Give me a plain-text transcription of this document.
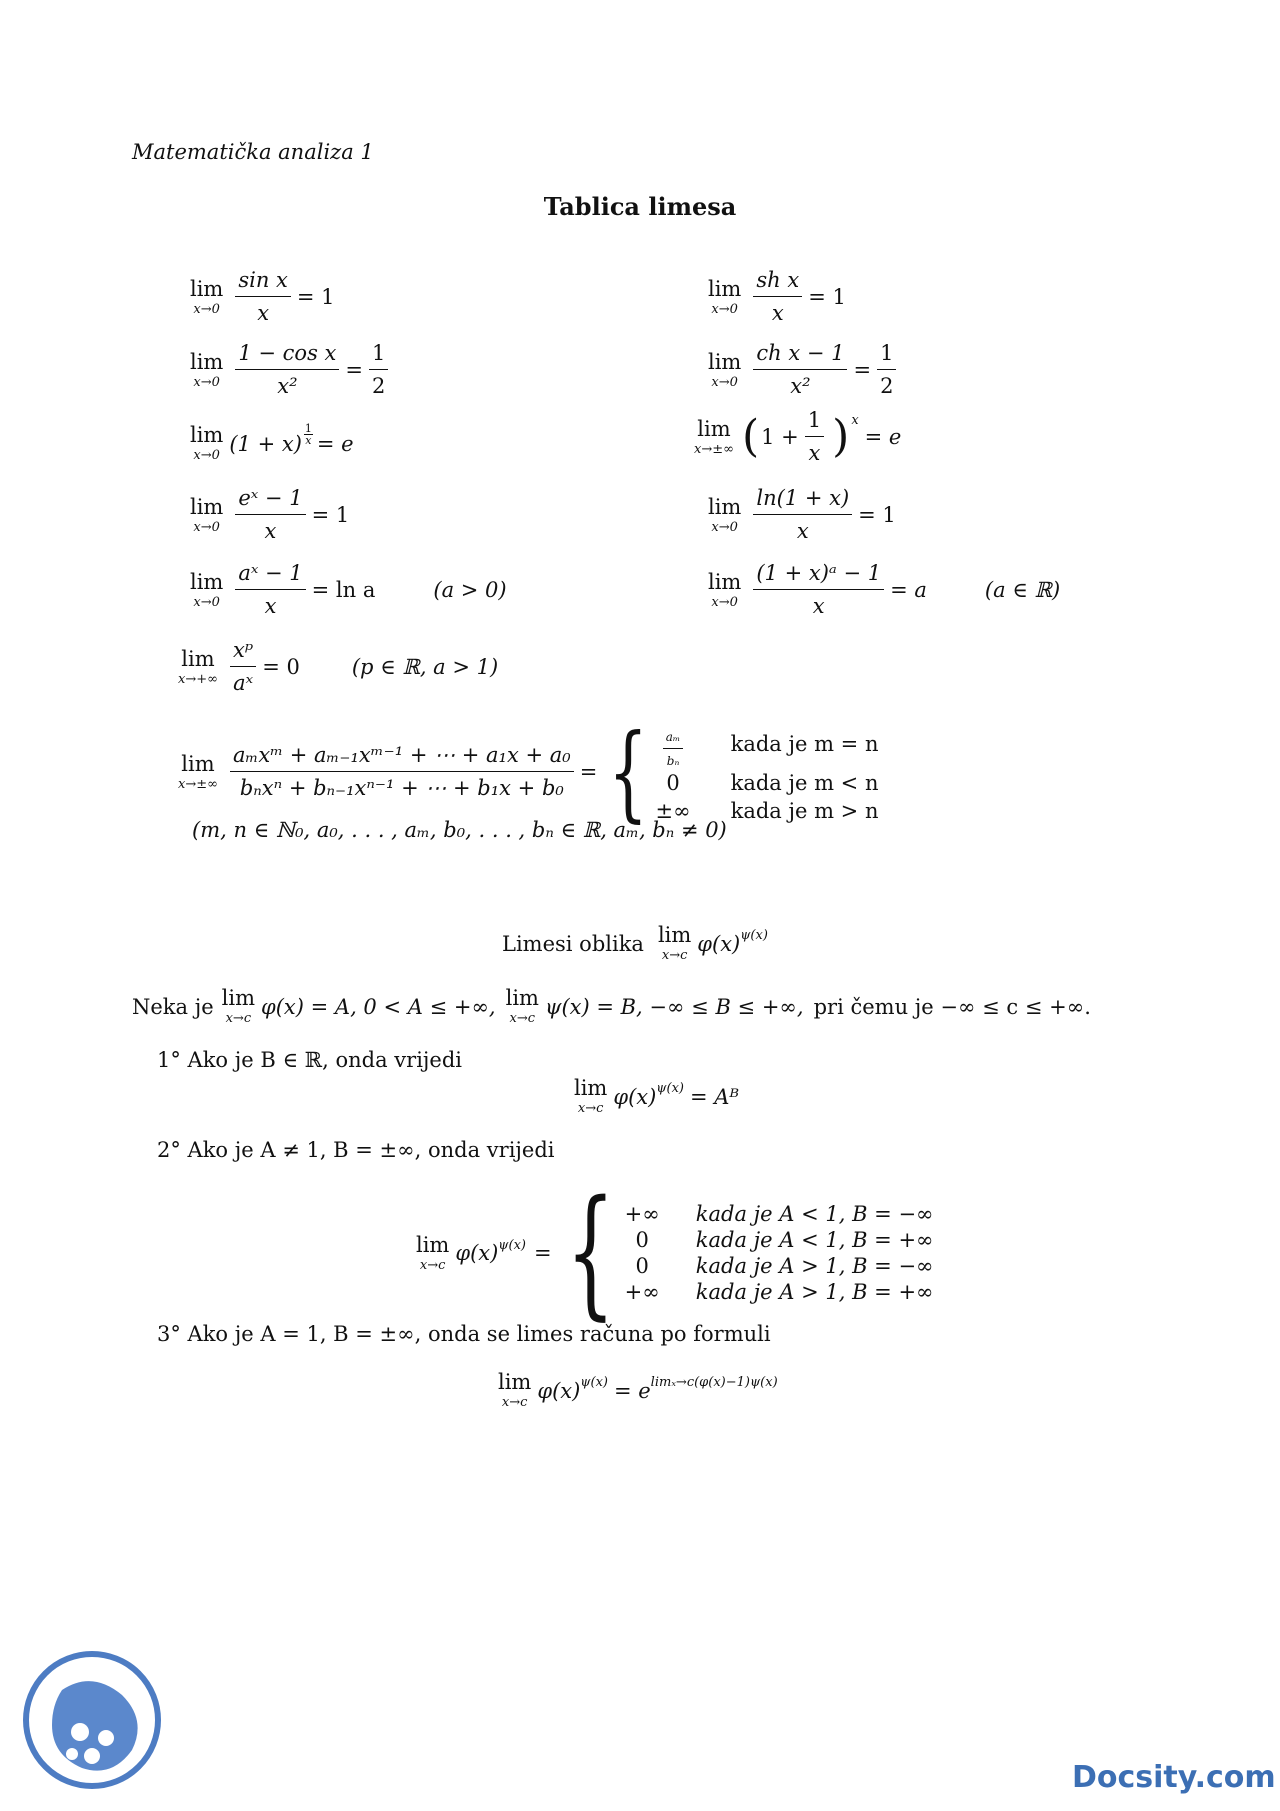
Matematička analiza 1
Tablica limesa
lim
$x\to 0 \frac{\text{sin x}}{x} = 1$	lim
$x\to 0 \frac{\text{sh x}}{x} = 1$
lim
$x\to 0 \frac{\text{1 − cos x}}{\text{x²}} = \frac{1}{2}$	lim
$x\to 0 \frac{\text{ch x − 1}}{\text{x²}} = \frac{1}{2}$
lim
x→0 $(1 + x) \frac{1}{x} = e$
lim
x→±∞ ( $1 + \frac{1}{x}$ ) x
= e
lim
$x\to 0 \frac{\text{eˣ − 1}}{x} = 1$	lim
$x\to 0 \frac{\ln(1 + x)}{x} = 1$
lim
$x\to 0 \frac{\text{aˣ − 1}}{x} = \ln a$	(a > 0)	lim
$x\to 0 \frac{\text{(1 + x)ᵃ − 1}}{x} = a$	(a ∈ ℝ)
lim
$x\to+\infty \frac{\text{xᵖ}}{\text{aˣ}} = 0$ (p ∈ ℝ, a > 1)
lim
$x\to\pm\infty \frac{\text{aₘxᵐ + aₘ₋₁xᵐ⁻¹ + ⋯ + a₁x + a₀}}{\text{bₙxⁿ + bₙ₋₁xⁿ⁻¹ + ⋯ + b₁x + b₀}}$ = { $\frac{\text{aₘ}}{\text{bₙ}}$ kada je m = n
0	kada je m < n
±∞ kada je m > n
(m, n ∈ ℕ₀, a₀, . . . , aₘ, b₀, . . . , bₙ ∈ ℝ, aₘ, bₙ ≠ 0)
Limesi oblika lim
x→c φ(x) ψ(x)
Neka je lim
x→c φ(x) = A, 0 < A ≤ +∞, lim
x→c ψ(x) = B, −∞ ≤ B ≤ +∞, pri čemu je −∞ ≤ c ≤ +∞.
1° Ako je B ∈ ℝ, onda vrijedi
lim
x→c φ(x) ψ(x) = Aᴮ
2° Ako je A ≠ 1, B = ±∞, onda vrijedi
lim
x→c φ(x) ψ(x) = { +∞ kada je A < 1, B = −∞
0	kada je A < 1, B = +∞
0	kada je A > 1, B = −∞
+∞ kada je A > 1, B = +∞
3° Ako je A = 1, B = ±∞, onda se limes računa po formuli
lim
x→c φ(x) ψ(x) = e limₓ→c(φ(x)−1)ψ(x)
Docsity.com
